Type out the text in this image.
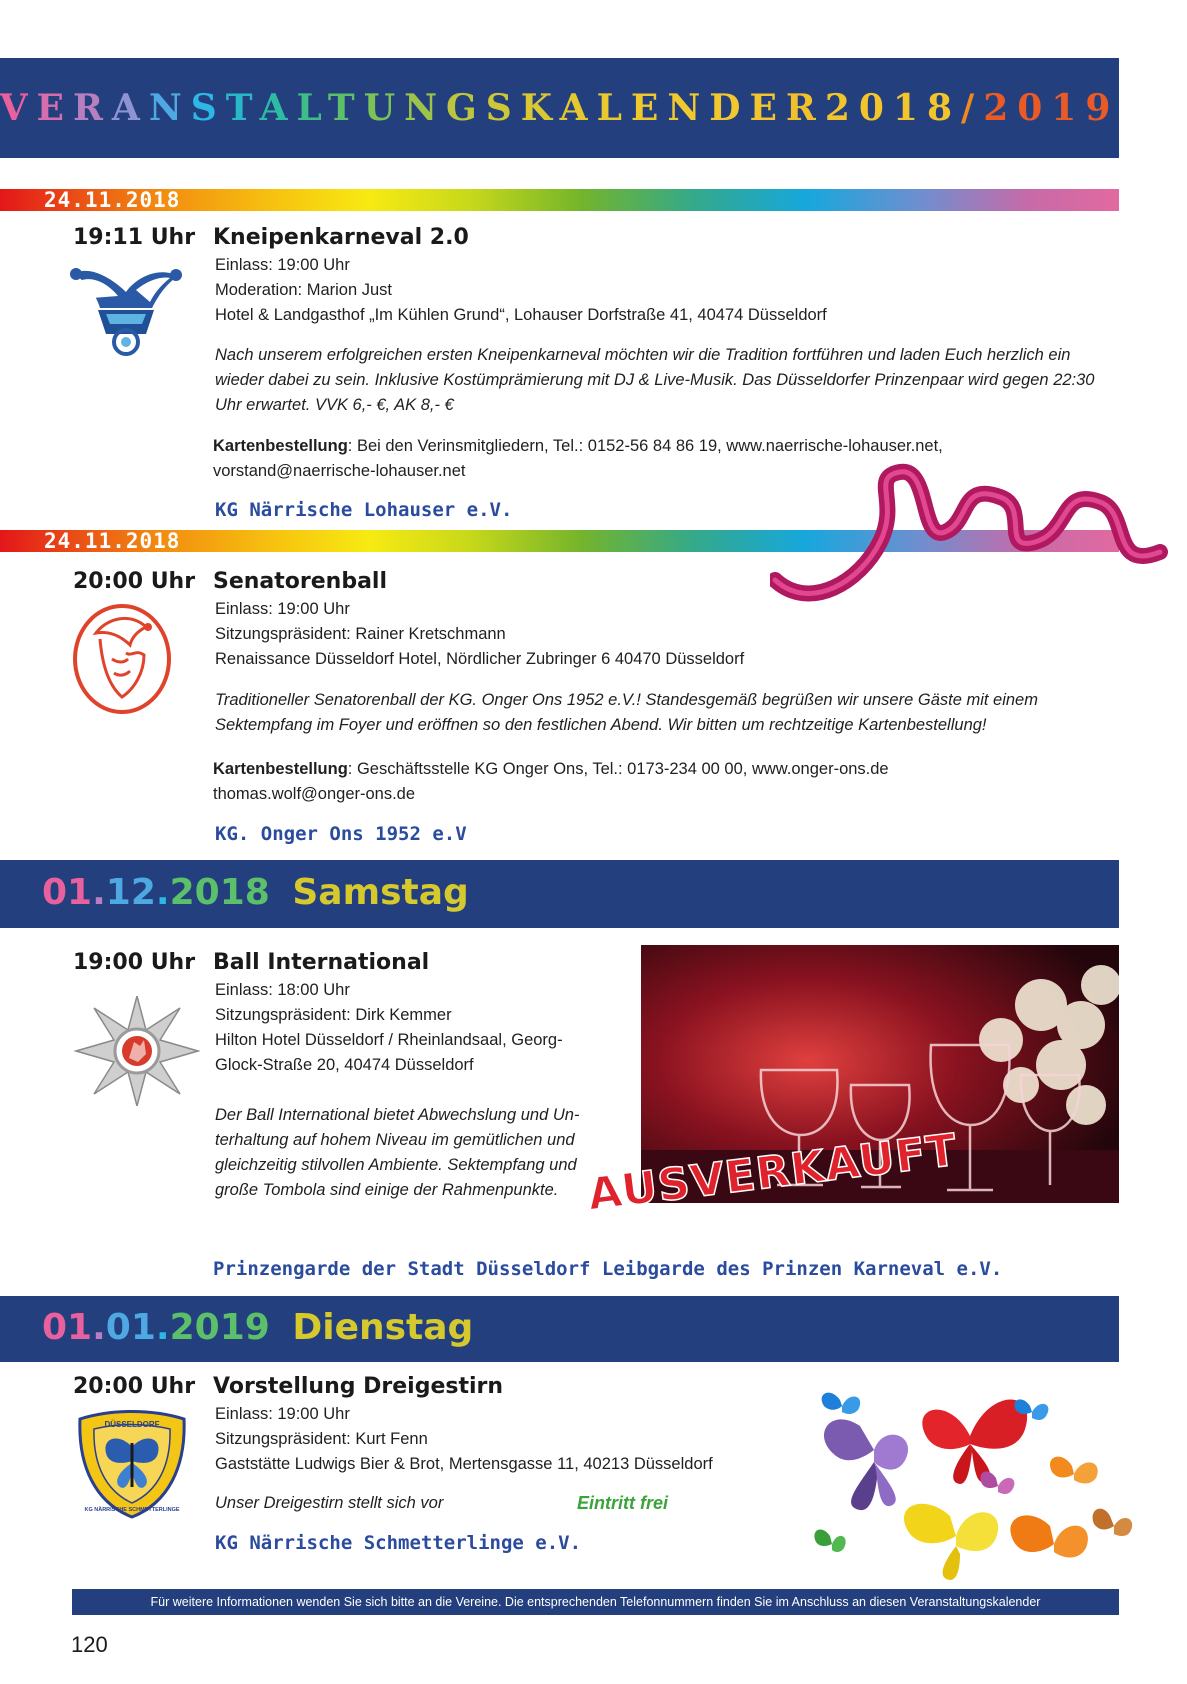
VERANSTALTUNGSKALENDER 2018 / 2019
24.11.2018
19:11 Uhr Kneipenkarneval 2.0
Einlass: 19:00 Uhr
Moderation: Marion Just
Hotel & Landgasthof „Im Kühlen Grund“, Lohauser Dorfstraße 41, 40474 Düsseldorf
Nach unserem erfolgreichen ersten Kneipenkarneval möchten wir die Tradition fortführen und laden Euch herzlich ein wieder dabei zu sein. Inklusive Kostümprämierung mit DJ & Live-Musik. Das Düsseldorfer Prinzenpaar wird gegen 22:30 Uhr erwartet. VVK 6,- €, AK 8,- €
Kartenbestellung: Bei den Verinsmitgliedern, Tel.: 0152-56 84 86 19, www.naerrische-lohauser.net,
vorstand@naerrische-lohauser.net
KG Närrische Lohauser e.V.
24.11.2018
20:00 Uhr Senatorenball
Einlass: 19:00 Uhr
Sitzungspräsident: Rainer Kretschmann
Renaissance Düsseldorf Hotel, Nördlicher Zubringer 6 40470 Düsseldorf
Traditioneller Senatorenball der KG. Onger Ons 1952 e.V.! Standesgemäß begrüßen wir unsere Gäste mit einem Sektempfang im Foyer und eröffnen so den festlichen Abend. Wir bitten um rechtzeitige Kartenbestellung!
Kartenbestellung: Geschäftsstelle KG Onger Ons, Tel.: 0173-234 00 00, www.onger-ons.de
thomas.wolf@onger-ons.de
KG. Onger Ons 1952 e.V
01.12.2018 Samstag
19:00 Uhr Ball International
Einlass: 18:00 Uhr
Sitzungspräsident: Dirk Kemmer
Hilton Hotel Düsseldorf / Rheinlandsaal, Georg-
Glock-Straße 20, 40474 Düsseldorf
Der Ball International bietet Abwechslung und Un-
terhaltung auf hohem Niveau im gemütlichen und
gleichzeitig stilvollen Ambiente. Sektempfang und
große Tombola sind einige der Rahmenpunkte. AUSVERKAUFT
Prinzengarde der Stadt Düsseldorf Leibgarde des Prinzen Karneval e.V.
01.01.2019 Dienstag
20:00 Uhr Vorstellung Dreigestirn
DÜSSELDORF
KG NÄRRISCHE SCHMETTERLINGE
Einlass: 19:00 Uhr
Sitzungspräsident: Kurt Fenn
Gaststätte Ludwigs Bier & Brot, Mertensgasse 11, 40213 Düsseldorf
Unser Dreigestirn stellt sich vor	Eintritt frei
KG Närrische Schmetterlinge e.V.
Für weitere Informationen wenden Sie sich bitte an die Vereine. Die entsprechenden Telefonnummern finden Sie im Anschluss an diesen Veranstaltungskalender
120
